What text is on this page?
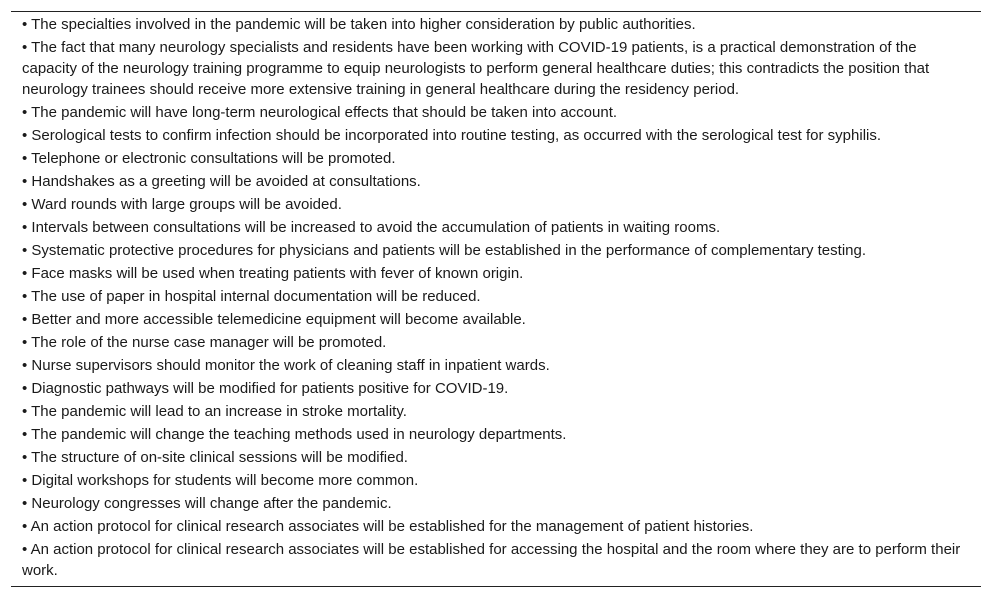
• The specialties involved in the pandemic will be taken into higher consideration by public authorities.
• The fact that many neurology specialists and residents have been working with COVID-19 patients, is a practical demonstration of the capacity of the neurology training programme to equip neurologists to perform general healthcare duties; this contradicts the position that neurology trainees should receive more extensive training in general healthcare during the residency period.
• The pandemic will have long-term neurological effects that should be taken into account.
• Serological tests to confirm infection should be incorporated into routine testing, as occurred with the serological test for syphilis.
• Telephone or electronic consultations will be promoted.
• Handshakes as a greeting will be avoided at consultations.
• Ward rounds with large groups will be avoided.
• Intervals between consultations will be increased to avoid the accumulation of patients in waiting rooms.
• Systematic protective procedures for physicians and patients will be established in the performance of complementary testing.
• Face masks will be used when treating patients with fever of known origin.
• The use of paper in hospital internal documentation will be reduced.
• Better and more accessible telemedicine equipment will become available.
• The role of the nurse case manager will be promoted.
• Nurse supervisors should monitor the work of cleaning staff in inpatient wards.
• Diagnostic pathways will be modified for patients positive for COVID-19.
• The pandemic will lead to an increase in stroke mortality.
• The pandemic will change the teaching methods used in neurology departments.
• The structure of on-site clinical sessions will be modified.
• Digital workshops for students will become more common.
• Neurology congresses will change after the pandemic.
• An action protocol for clinical research associates will be established for the management of patient histories.
• An action protocol for clinical research associates will be established for accessing the hospital and the room where they are to perform their work.
